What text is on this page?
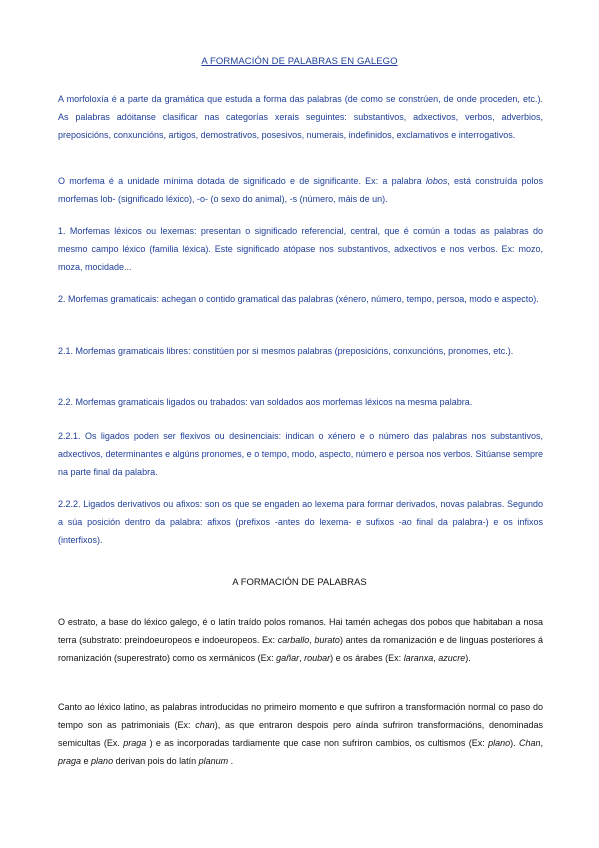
A FORMACIÓN DE PALABRAS EN GALEGO

A morfoloxía é a parte da gramática que estuda a forma das palabras (de como se constrúen, de onde proceden, etc.). As palabras adóitanse clasificar nas categorías xerais seguintes: substantivos, adxectivos, verbos, adverbios, preposicións, conxuncións, artigos, demostrativos, posesivos, numerais, indefinidos, exclamativos e interrogativos.

O morfema é a unidade mínima dotada de significado e de significante. Ex: a palabra lobos, está construída polos morfemas lob- (significado léxico), -o- (o sexo do animal), -s (número, máis de un).

1. Morfemas léxicos ou lexemas: presentan o significado referencial, central, que é común a todas as palabras do mesmo campo léxico (familia léxica). Este significado atópase nos substantivos, adxectivos e nos verbos. Ex: mozo, moza, mocidade...

2. Morfemas gramaticais: achegan o contido gramatical das palabras (xénero, número, tempo, persoa, modo e aspecto).

2.1. Morfemas gramaticais libres: constitúen por si mesmos palabras (preposicións, conxuncións, pronomes, etc.).

2.2. Morfemas gramaticais ligados ou trabados: van soldados aos morfemas léxicos na mesma palabra.

2.2.1. Os ligados poden ser flexivos ou desinenciais: indican o xénero e o número das palabras nos substantivos, adxectivos, determinantes e algúns pronomes, e o tempo, modo, aspecto, número e persoa nos verbos. Sitúanse sempre na parte final da palabra.

2.2.2. Ligados derivativos ou afixos: son os que se engaden ao lexema para formar derivados, novas palabras. Segundo a súa posición dentro da palabra: afixos (prefixos -antes do lexema- e sufixos -ao final da palabra-) e os infixos (interfixos).

A FORMACIÓN DE PALABRAS

O estrato, a base do léxico galego, é o latín traído polos romanos. Hai tamén achegas dos pobos que habitaban a nosa terra (substrato: preindoeuropeos e indoeuropeos. Ex: carballo, burato) antes da romanización e de linguas posteriores á romanización (superestrato) como os xermánicos (Ex: gañar, roubar) e os árabes (Ex: laranxa, azucre).

Canto ao léxico latino, as palabras introducidas no primeiro momento e que sufriron a transformación normal co paso do tempo son as patrimoniais (Ex: chan), as que entraron despois pero aínda sufriron transformacións, denominadas semicultas (Ex. praga ) e as incorporadas tardiamente que case non sufriron cambios, os cultismos (Ex: plano). Chan, praga e plano derivan pois do latín planum .
